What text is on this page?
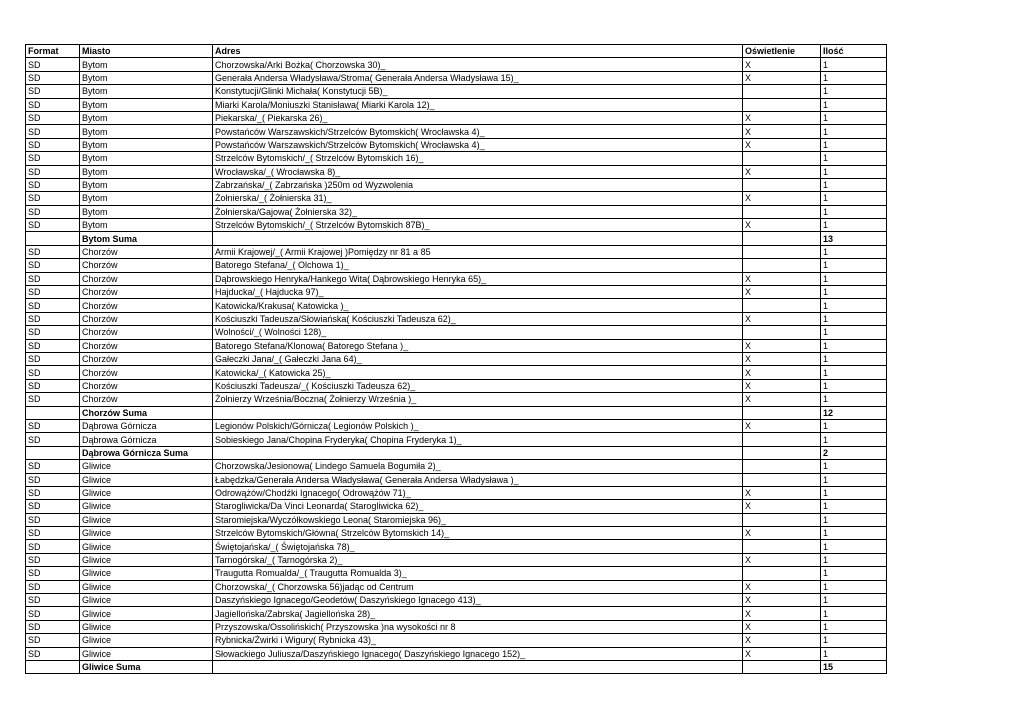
Format	Miasto	Adres	Oświetlenie	Ilość
SD	Bytom	Chorzowska/Arki Bożka( Chorzowska 30)_	X	1
SD	Bytom	Generała Andersa Władysława/Stroma( Generała Andersa Władysława 15)_	X	1
SD	Bytom	Konstytucji/Glinki Michała( Konstytucji 5B)_		1
SD	Bytom	Miarki Karola/Moniuszki Stanisława( Miarki Karola 12)_		1
SD	Bytom	Piekarska/_( Piekarska 26)_	X	1
SD	Bytom	Powstańców Warszawskich/Strzelców Bytomskich( Wrocławska 4)_	X	1
SD	Bytom	Powstańców Warszawskich/Strzelców Bytomskich( Wrocławska 4)_	X	1
SD	Bytom	Strzelców Bytomskich/_( Strzelców Bytomskich 16)_		1
SD	Bytom	Wrocławska/_( Wrocławska 8)_	X	1
SD	Bytom	Zabrzańska/_( Zabrzańska )250m od Wyzwolenia		1
SD	Bytom	Żołnierska/_( Żołnierska 31)_	X	1
SD	Bytom	Żołnierska/Gajowa( Żołnierska 32)_		1
SD	Bytom	Strzelców Bytomskich/_( Strzelców Bytomskich 87B)_	X	1
	Bytom Suma			13
SD	Chorzów	Armii Krajowej/_( Armii Krajowej )Pomiędzy nr 81 a 85		1
SD	Chorzów	Batorego Stefana/_( Olchowa 1)_		1
SD	Chorzów	Dąbrowskiego Henryka/Hankego Wita( Dąbrowskiego Henryka 65)_	X	1
SD	Chorzów	Hajducka/_( Hajducka 97)_	X	1
SD	Chorzów	Katowicka/Krakusa( Katowicka )_		1
SD	Chorzów	Kościuszki Tadeusza/Słowiańska( Kościuszki Tadeusza 62)_	X	1
SD	Chorzów	Wolności/_( Wolności 128)_		1
SD	Chorzów	Batorego Stefana/Klonowa( Batorego Stefana )_	X	1
SD	Chorzów	Gałeczki Jana/_( Gałeczki Jana 64)_	X	1
SD	Chorzów	Katowicka/_( Katowicka 25)_	X	1
SD	Chorzów	Kościuszki Tadeusza/_( Kościuszki Tadeusza 62)_	X	1
SD	Chorzów	Żołnierzy Września/Boczna( Żołnierzy Września )_	X	1
	Chorzów Suma			12
SD	Dąbrowa Górnicza	Legionów Polskich/Górnicza( Legionów Polskich )_	X	1
SD	Dąbrowa Górnicza	Sobieskiego Jana/Chopina Fryderyka( Chopina Fryderyka 1)_		1
	Dąbrowa Górnicza Suma			2
SD	Gliwice	Chorzowska/Jesionowa( Lindego Samuela Bogumiła 2)_		1
SD	Gliwice	Łabędzka/Generała Andersa Władysława( Generała Andersa Władysława )_		1
SD	Gliwice	Odrowążów/Chodźki Ignacego( Odrowążów 71)_	X	1
SD	Gliwice	Starogliwicka/Da Vinci Leonarda( Starogliwicka 62)_	X	1
SD	Gliwice	Staromiejska/Wyczółkowskiego Leona( Staromiejska 96)_		1
SD	Gliwice	Strzelców Bytomskich/Główna( Strzelców Bytomskich 14)_	X	1
SD	Gliwice	Świętojańska/_( Świętojańska 78)_		1
SD	Gliwice	Tarnogórska/_( Tarnogórska 2)_	X	1
SD	Gliwice	Traugutta Romualda/_( Traugutta Romualda 3)_		1
SD	Gliwice	Chorzowska/_( Chorzowska 56)jadąc od Centrum	X	1
SD	Gliwice	Daszyńskiego Ignacego/Geodetów( Daszyńskiego Ignacego 413)_	X	1
SD	Gliwice	Jagiellońska/Zabrska( Jagiellońska 28)_	X	1
SD	Gliwice	Przyszowska/Ossolińskich( Przyszowska )na wysokości nr 8	X	1
SD	Gliwice	Rybnicka/Żwirki i Wigury( Rybnicka 43)_	X	1
SD	Gliwice	Słowackiego Juliusza/Daszyńskiego Ignacego( Daszyńskiego Ignacego 152)_	X	1
	Gliwice Suma			15
